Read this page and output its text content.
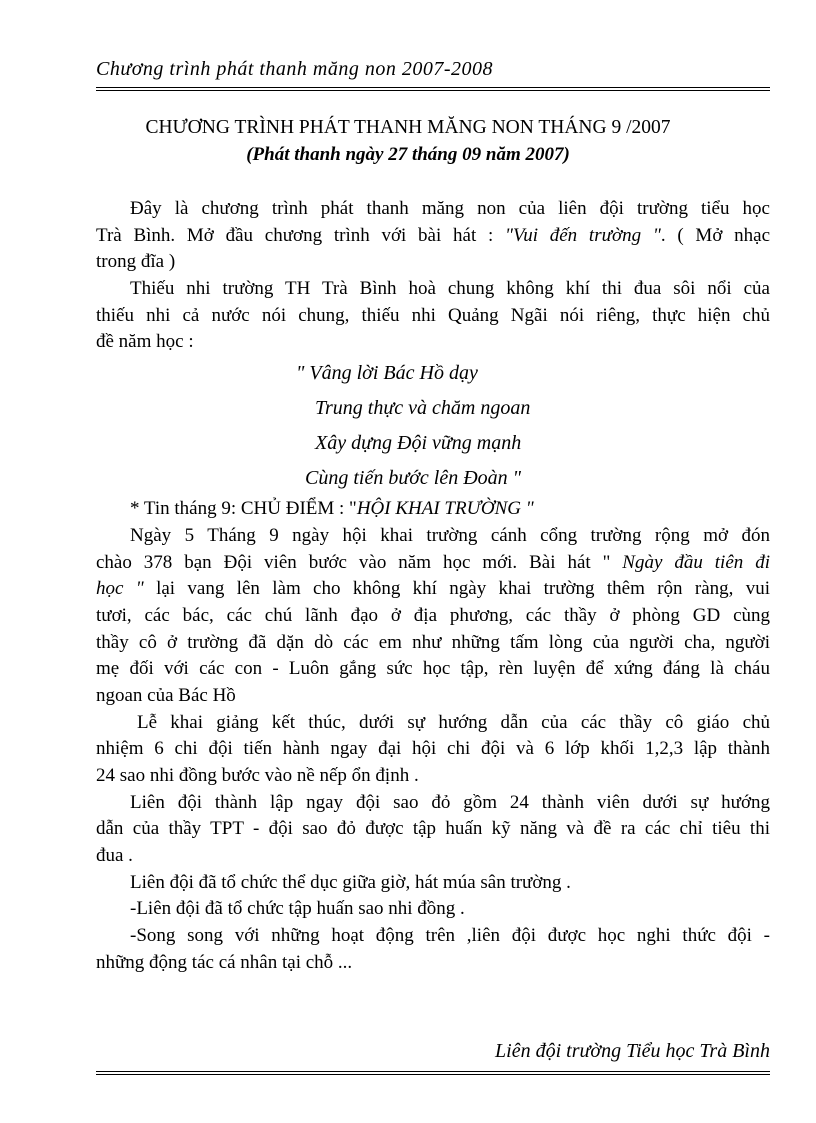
Chương trình phát thanh măng non 2007-2008
CHƯƠNG TRÌNH PHÁT THANH MĂNG NON THÁNG 9 /2007
(Phát thanh ngày 27 tháng 09 năm 2007)
Đây là chương trình phát thanh măng non của liên đội trường tiểu học
Trà Bình. Mở đầu chương trình với bài hát : "Vui đến trường ". ( Mở nhạc
trong đĩa )
Thiếu nhi trường TH Trà Bình hoà chung không khí thi đua sôi nổi của
thiếu nhi cả nước nói chung, thiếu nhi Quảng Ngãi nói riêng, thực hiện chủ
đề năm học :
" Vâng lời Bác Hồ dạy
Trung thực và chăm ngoan
Xây dựng Đội vững mạnh
Cùng tiến bước lên Đoàn "
* Tin tháng 9: CHỦ ĐIỂM : "HỘI KHAI TRƯỜNG "
Ngày 5 Tháng 9 ngày hội khai trường cánh cổng trường rộng mở đón
chào 378 bạn Đội viên bước vào năm học mới. Bài hát " Ngày đầu tiên đi
học " lại vang lên làm cho không khí ngày khai trường thêm rộn ràng, vui
tươi, các bác, các chú lãnh đạo ở địa phương, các thầy ở phòng GD cùng
thầy cô ở trường đã dặn dò các em như những tấm lòng của người cha, người
mẹ đối với các con - Luôn gắng sức học tập, rèn luyện để xứng đáng là cháu
ngoan của Bác Hồ
Lễ khai giảng kết thúc, dưới sự hướng dẫn của các thầy cô giáo chủ
nhiệm 6 chi đội tiến hành ngay đại hội chi đội và 6 lớp khối 1,2,3 lập thành
24 sao nhi đồng bước vào nề nếp ổn định .
Liên đội thành lập ngay đội sao đỏ gồm 24 thành viên dưới sự hướng
dẫn của thầy TPT - đội sao đỏ được tập huấn kỹ năng và đề ra các chỉ tiêu thi
đua .
Liên đội đã tổ chức thể dục giữa giờ, hát múa sân trường .
-Liên đội đã tổ chức tập huấn sao nhi đồng .
-Song song với những hoạt động trên ,liên đội được học nghi thức đội -
những động tác cá nhân tại chỗ ...
Liên đội trường Tiểu học Trà Bình
